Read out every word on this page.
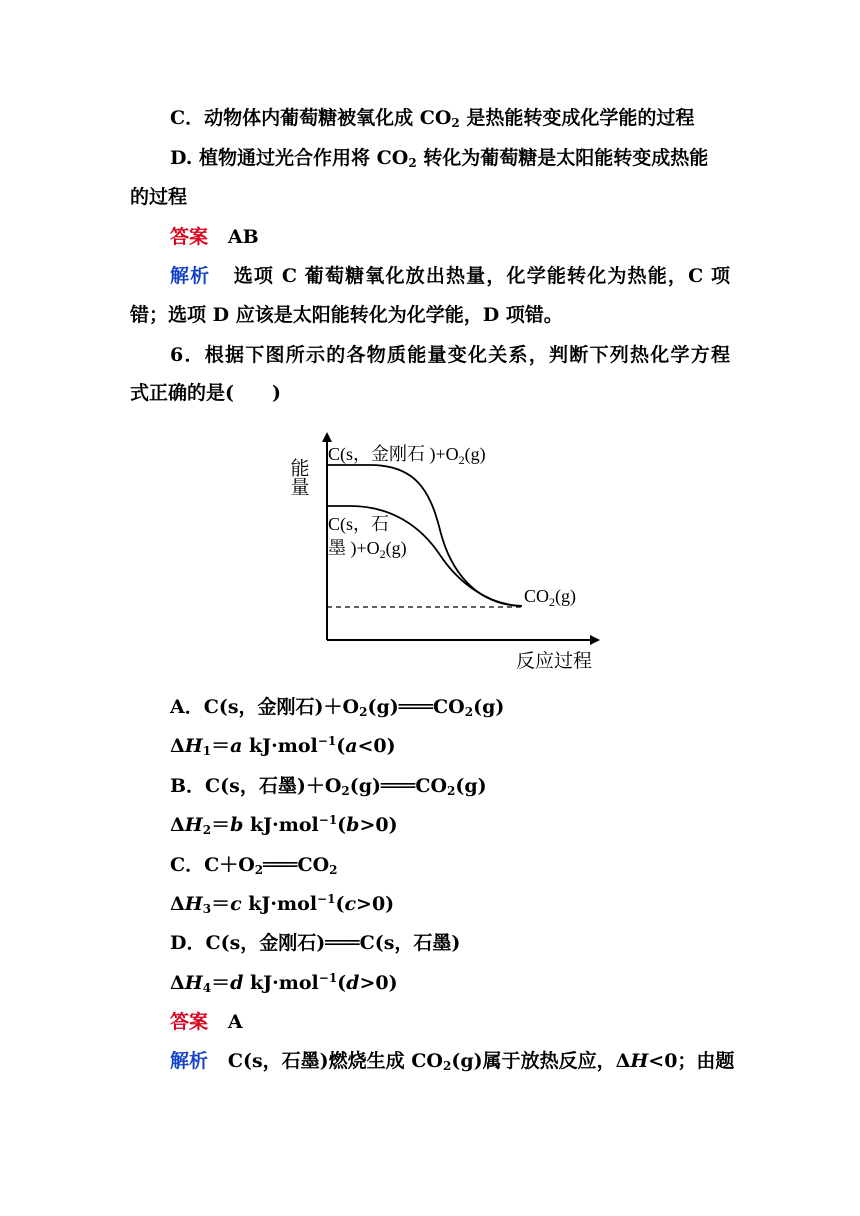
C．动物体内葡萄糖被氧化成 $CO_2$ 是热能转变成化学能的过程
D. 植物通过光合作用将 $CO_2$ 转化为葡萄糖是太阳能转变成热能
的过程
答案 AB
解析 选项 C 葡萄糖氧化放出热量，化学能转化为热能，C 项
错；选项 D 应该是太阳能转化为化学能，D 项错。
6．根据下图所示的各物质能量变化关系，判断下列热化学方程
式正确的是(　　)
能量
反应过程
C(s，金刚石 )$+O_2(g)$
C(s，石
墨 )$+O_2(g)$
$CO_2(g)$
A．C(s，金刚石)$+O_2(g)═══CO_2(g)$
$\Delta H_1=a$ kJ·mol$^{-1}$(a<0)
B．C(s，石墨)$+O_2(g)═══CO_2(g)$
$\Delta H_2=b$ kJ·mol$^{-1}$(b>0)
C．$C+O_2═══CO_2$
$\Delta H_3=c$ kJ·mol$^{-1}$(c>0)
D．C(s，金刚石)═══C(s，石墨)
$\Delta H_4=d$ kJ·mol$^{-1}$(d>0)
答案 A
解析 C(s，石墨)燃烧生成 $CO_2(g)$属于放热反应，ΔH<0；由题
